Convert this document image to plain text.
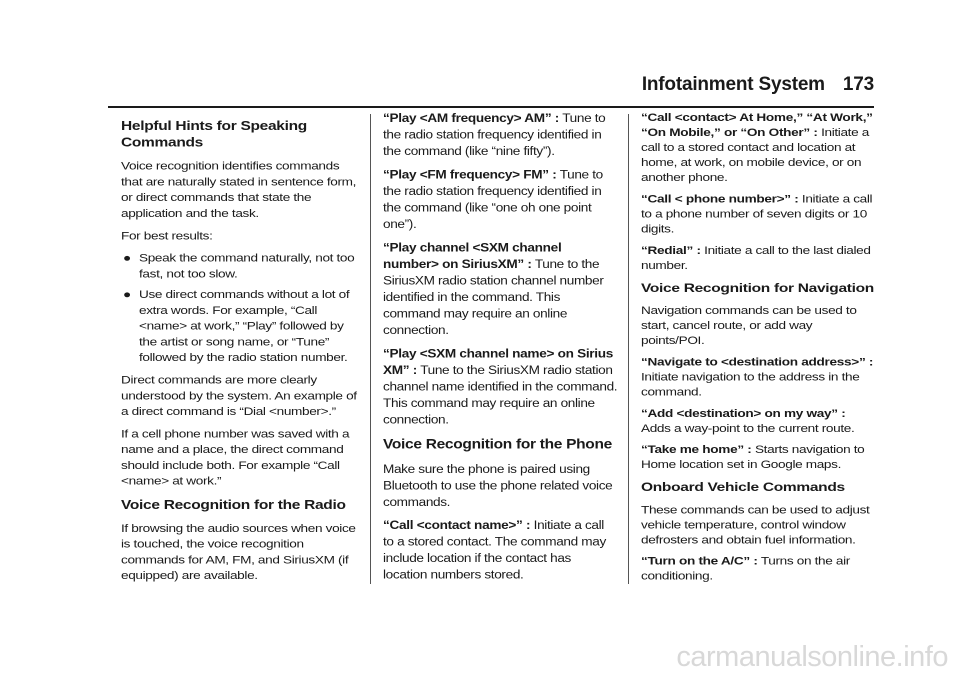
Infotainment System 173
Helpful Hints for Speaking Commands

Voice recognition identifies commands that are naturally stated in sentence form, or direct commands that state the application and the task.

For best results:

● Speak the command naturally, not too fast, not too slow.
● Use direct commands without a lot of extra words. For example, “Call <name> at work,” “Play” followed by the artist or song name, or “Tune” followed by the radio station number.

Direct commands are more clearly understood by the system. An example of a direct command is “Dial <number>.”

If a cell phone number was saved with a name and a place, the direct command should include both. For example “Call <name> at work.”

Voice Recognition for the Radio

If browsing the audio sources when voice is touched, the voice recognition commands for AM, FM, and SiriusXM (if equipped) are available.

“Play <AM frequency> AM” : Tune to the radio station frequency identified in the command (like “nine fifty”).

“Play <FM frequency> FM” : Tune to the radio station frequency identified in the command (like “one oh one point one”).

“Play channel <SXM channel number> on SiriusXM” : Tune to the SiriusXM radio station channel number identified in the command. This command may require an online connection.

“Play <SXM channel name> on Sirius XM” : Tune to the SiriusXM radio station channel name identified in the command. This command may require an online connection.

Voice Recognition for the Phone

Make sure the phone is paired using Bluetooth to use the phone related voice commands.

“Call <contact name>” : Initiate a call to a stored contact. The command may include location if the contact has location numbers stored.

“Call <contact> At Home,” “At Work,” “On Mobile,” or “On Other” : Initiate a call to a stored contact and location at home, at work, on mobile device, or on another phone.

“Call < phone number>” : Initiate a call to a phone number of seven digits or 10 digits.

“Redial” : Initiate a call to the last dialed number.

Voice Recognition for Navigation

Navigation commands can be used to start, cancel route, or add way points/POI.

“Navigate to <destination address>” : Initiate navigation to the address in the command.

“Add <destination> on my way” : Adds a way-point to the current route.

“Take me home” : Starts navigation to Home location set in Google maps.

Onboard Vehicle Commands

These commands can be used to adjust vehicle temperature, control window defrosters and obtain fuel information.

“Turn on the A/C” : Turns on the air conditioning.

carmanualsonline.info
